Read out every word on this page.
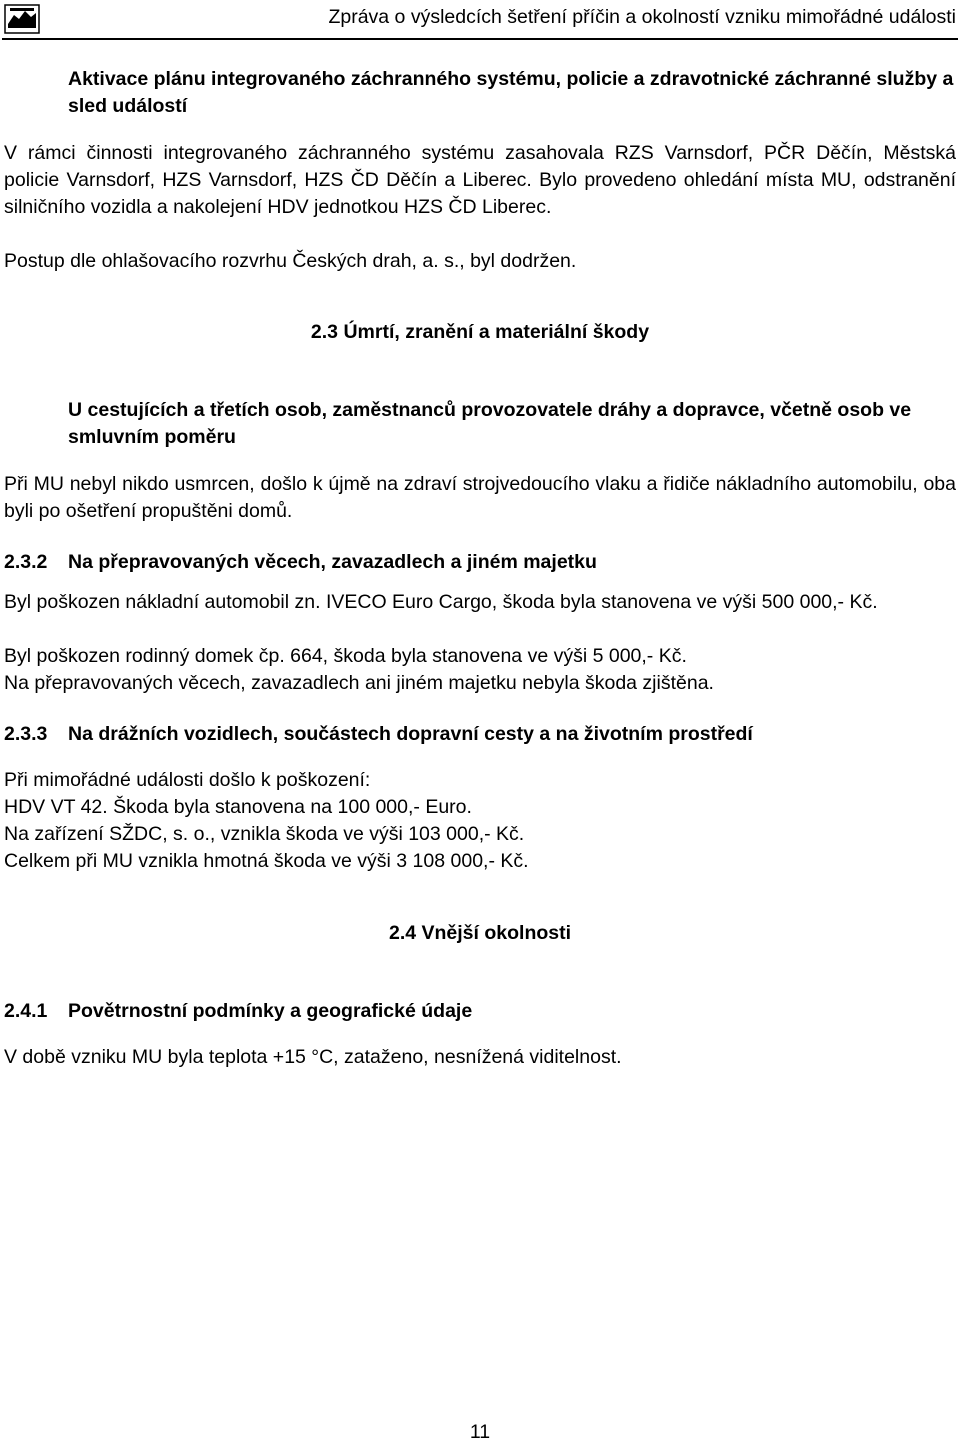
Zpráva o výsledcích šetření příčin a okolností vzniku mimořádné události
Aktivace plánu integrovaného záchranného systému, policie a zdravotnické záchranné služby a sled událostí
V rámci činnosti integrovaného záchranného systému zasahovala RZS Varnsdorf, PČR Děčín, Městská policie Varnsdorf, HZS Varnsdorf, HZS ČD Děčín a Liberec. Bylo provedeno ohledání místa MU, odstranění silničního vozidla a nakolejení HDV jednotkou HZS ČD Liberec.
Postup dle ohlašovacího rozvrhu Českých drah, a. s., byl dodržen.
2.3 Úmrtí, zranění a materiální škody
U cestujících a třetích osob, zaměstnanců provozovatele dráhy a dopravce, včetně osob ve smluvním poměru
Při MU nebyl nikdo usmrcen, došlo k újmě na zdraví strojvedoucího vlaku a řidiče nákladního automobilu, oba byli po ošetření propuštěni domů.
2.3.2 Na přepravovaných věcech, zavazadlech a jiném majetku
Byl poškozen nákladní automobil zn. IVECO Euro Cargo, škoda byla stanovena ve výši 500 000,- Kč.
Byl poškozen rodinný domek čp. 664, škoda byla stanovena ve výši 5 000,- Kč.
Na přepravovaných věcech, zavazadlech ani jiném majetku nebyla škoda zjištěna.
2.3.3 Na drážních vozidlech, součástech dopravní cesty a na životním prostředí
Při mimořádné události došlo k poškození:
HDV VT 42. Škoda byla stanovena na 100 000,- Euro.
Na zařízení SŽDC, s. o., vznikla škoda ve výši 103 000,- Kč.
Celkem při MU vznikla hmotná škoda ve výši 3 108 000,- Kč.
2.4 Vnější okolnosti
2.4.1 Povětrnostní podmínky a geografické údaje
V době vzniku MU byla teplota +15 °C, zataženo, nesnížená viditelnost.
11
